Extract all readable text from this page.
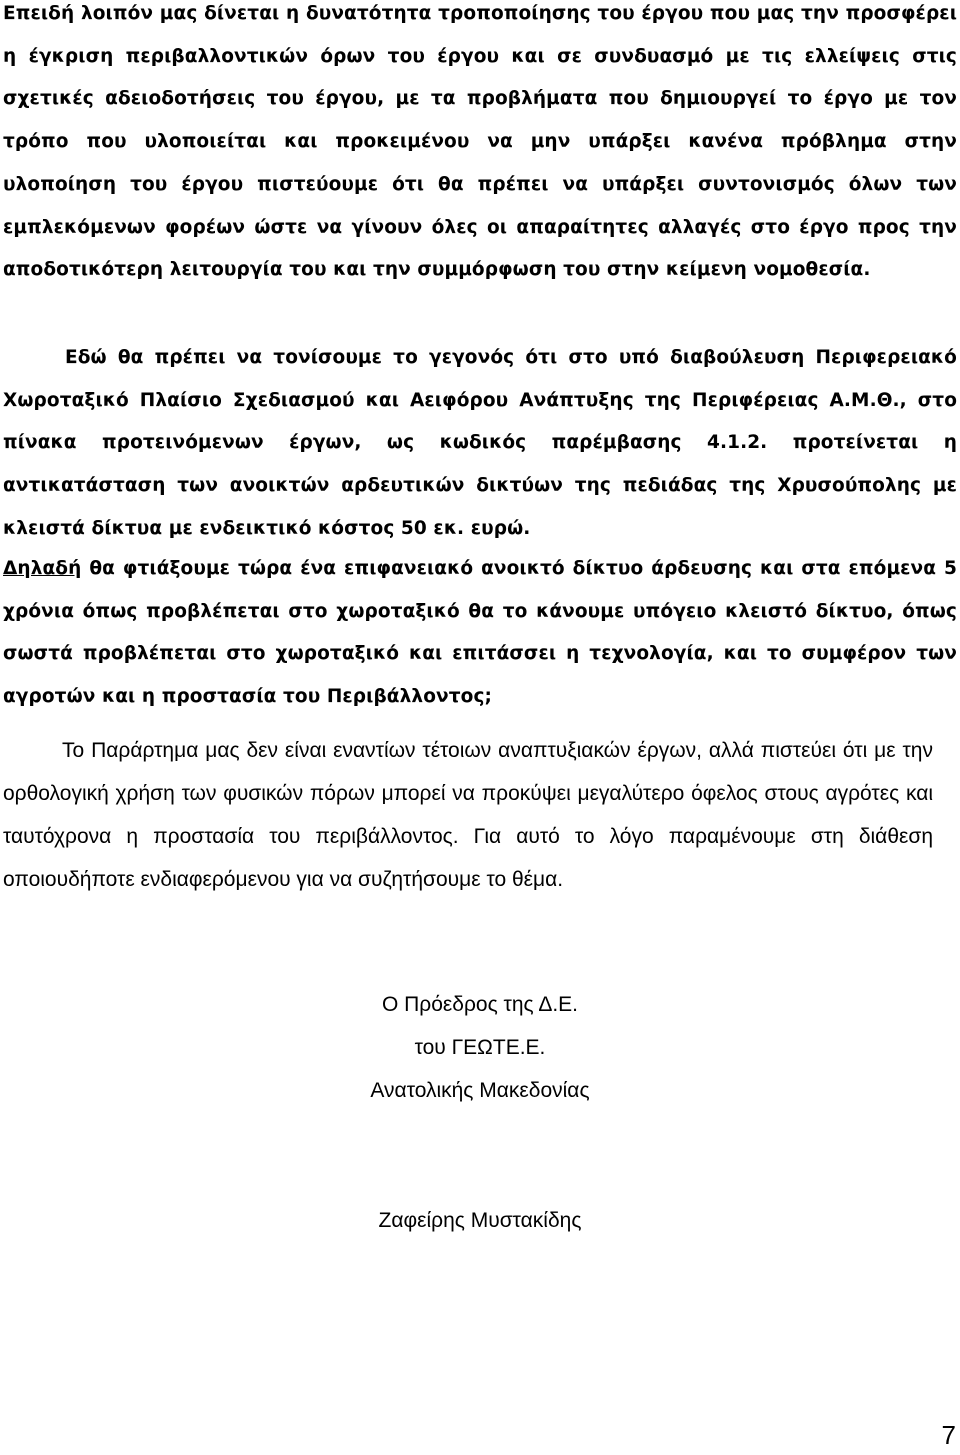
Επειδή λοιπόν μας δίνεται η δυνατότητα τροποποίησης του έργου που μας την προσφέρει η έγκριση περιβαλλοντικών όρων του έργου και σε συνδυασμό με τις ελλείψεις στις σχετικές αδειοδοτήσεις του έργου, με τα προβλήματα που δημιουργεί το έργο με τον τρόπο που υλοποιείται και προκειμένου να μην υπάρξει κανένα πρόβλημα στην υλοποίηση του έργου πιστεύουμε ότι θα πρέπει να υπάρξει συντονισμός όλων των εμπλεκόμενων φορέων ώστε να γίνουν όλες οι απαραίτητες αλλαγές στο έργο προς την αποδοτικότερη λειτουργία του και την συμμόρφωση του στην κείμενη νομοθεσία.

Εδώ θα πρέπει να τονίσουμε το γεγονός ότι στο υπό διαβούλευση Περιφερειακό Χωροταξικό Πλαίσιο Σχεδιασμού και Αειφόρου Ανάπτυξης της Περιφέρειας Α.Μ.Θ., στο πίνακα προτεινόμενων έργων, ως κωδικός παρέμβασης 4.1.2. προτείνεται η αντικατάσταση των ανοικτών αρδευτικών δικτύων της πεδιάδας της Χρυσούπολης με κλειστά δίκτυα με ενδεικτικό κόστος 50 εκ. ευρώ.

Δηλαδή θα φτιάξουμε τώρα ένα επιφανειακό ανοικτό δίκτυο άρδευσης και στα επόμενα 5 χρόνια όπως προβλέπεται στο χωροταξικό θα το κάνουμε υπόγειο κλειστό δίκτυο, όπως σωστά προβλέπεται στο χωροταξικό και επιτάσσει η τεχνολογία, και το συμφέρον των αγροτών και η προστασία του Περιβάλλοντος;

Το Παράρτημα μας δεν είναι εναντίων τέτοιων αναπτυξιακών έργων, αλλά πιστεύει ότι με την ορθολογική χρήση των φυσικών πόρων μπορεί να προκύψει μεγαλύτερο όφελος στους αγρότες και ταυτόχρονα η προστασία του περιβάλλοντος. Για αυτό το λόγο παραμένουμε στη διάθεση οποιουδήποτε ενδιαφερόμενου για να συζητήσουμε το θέμα.

Ο Πρόεδρος της Δ.Ε.
του ΓΕΩΤΕ.Ε.
Ανατολικής Μακεδονίας
Ζαφείρης Μυστακίδης
7
